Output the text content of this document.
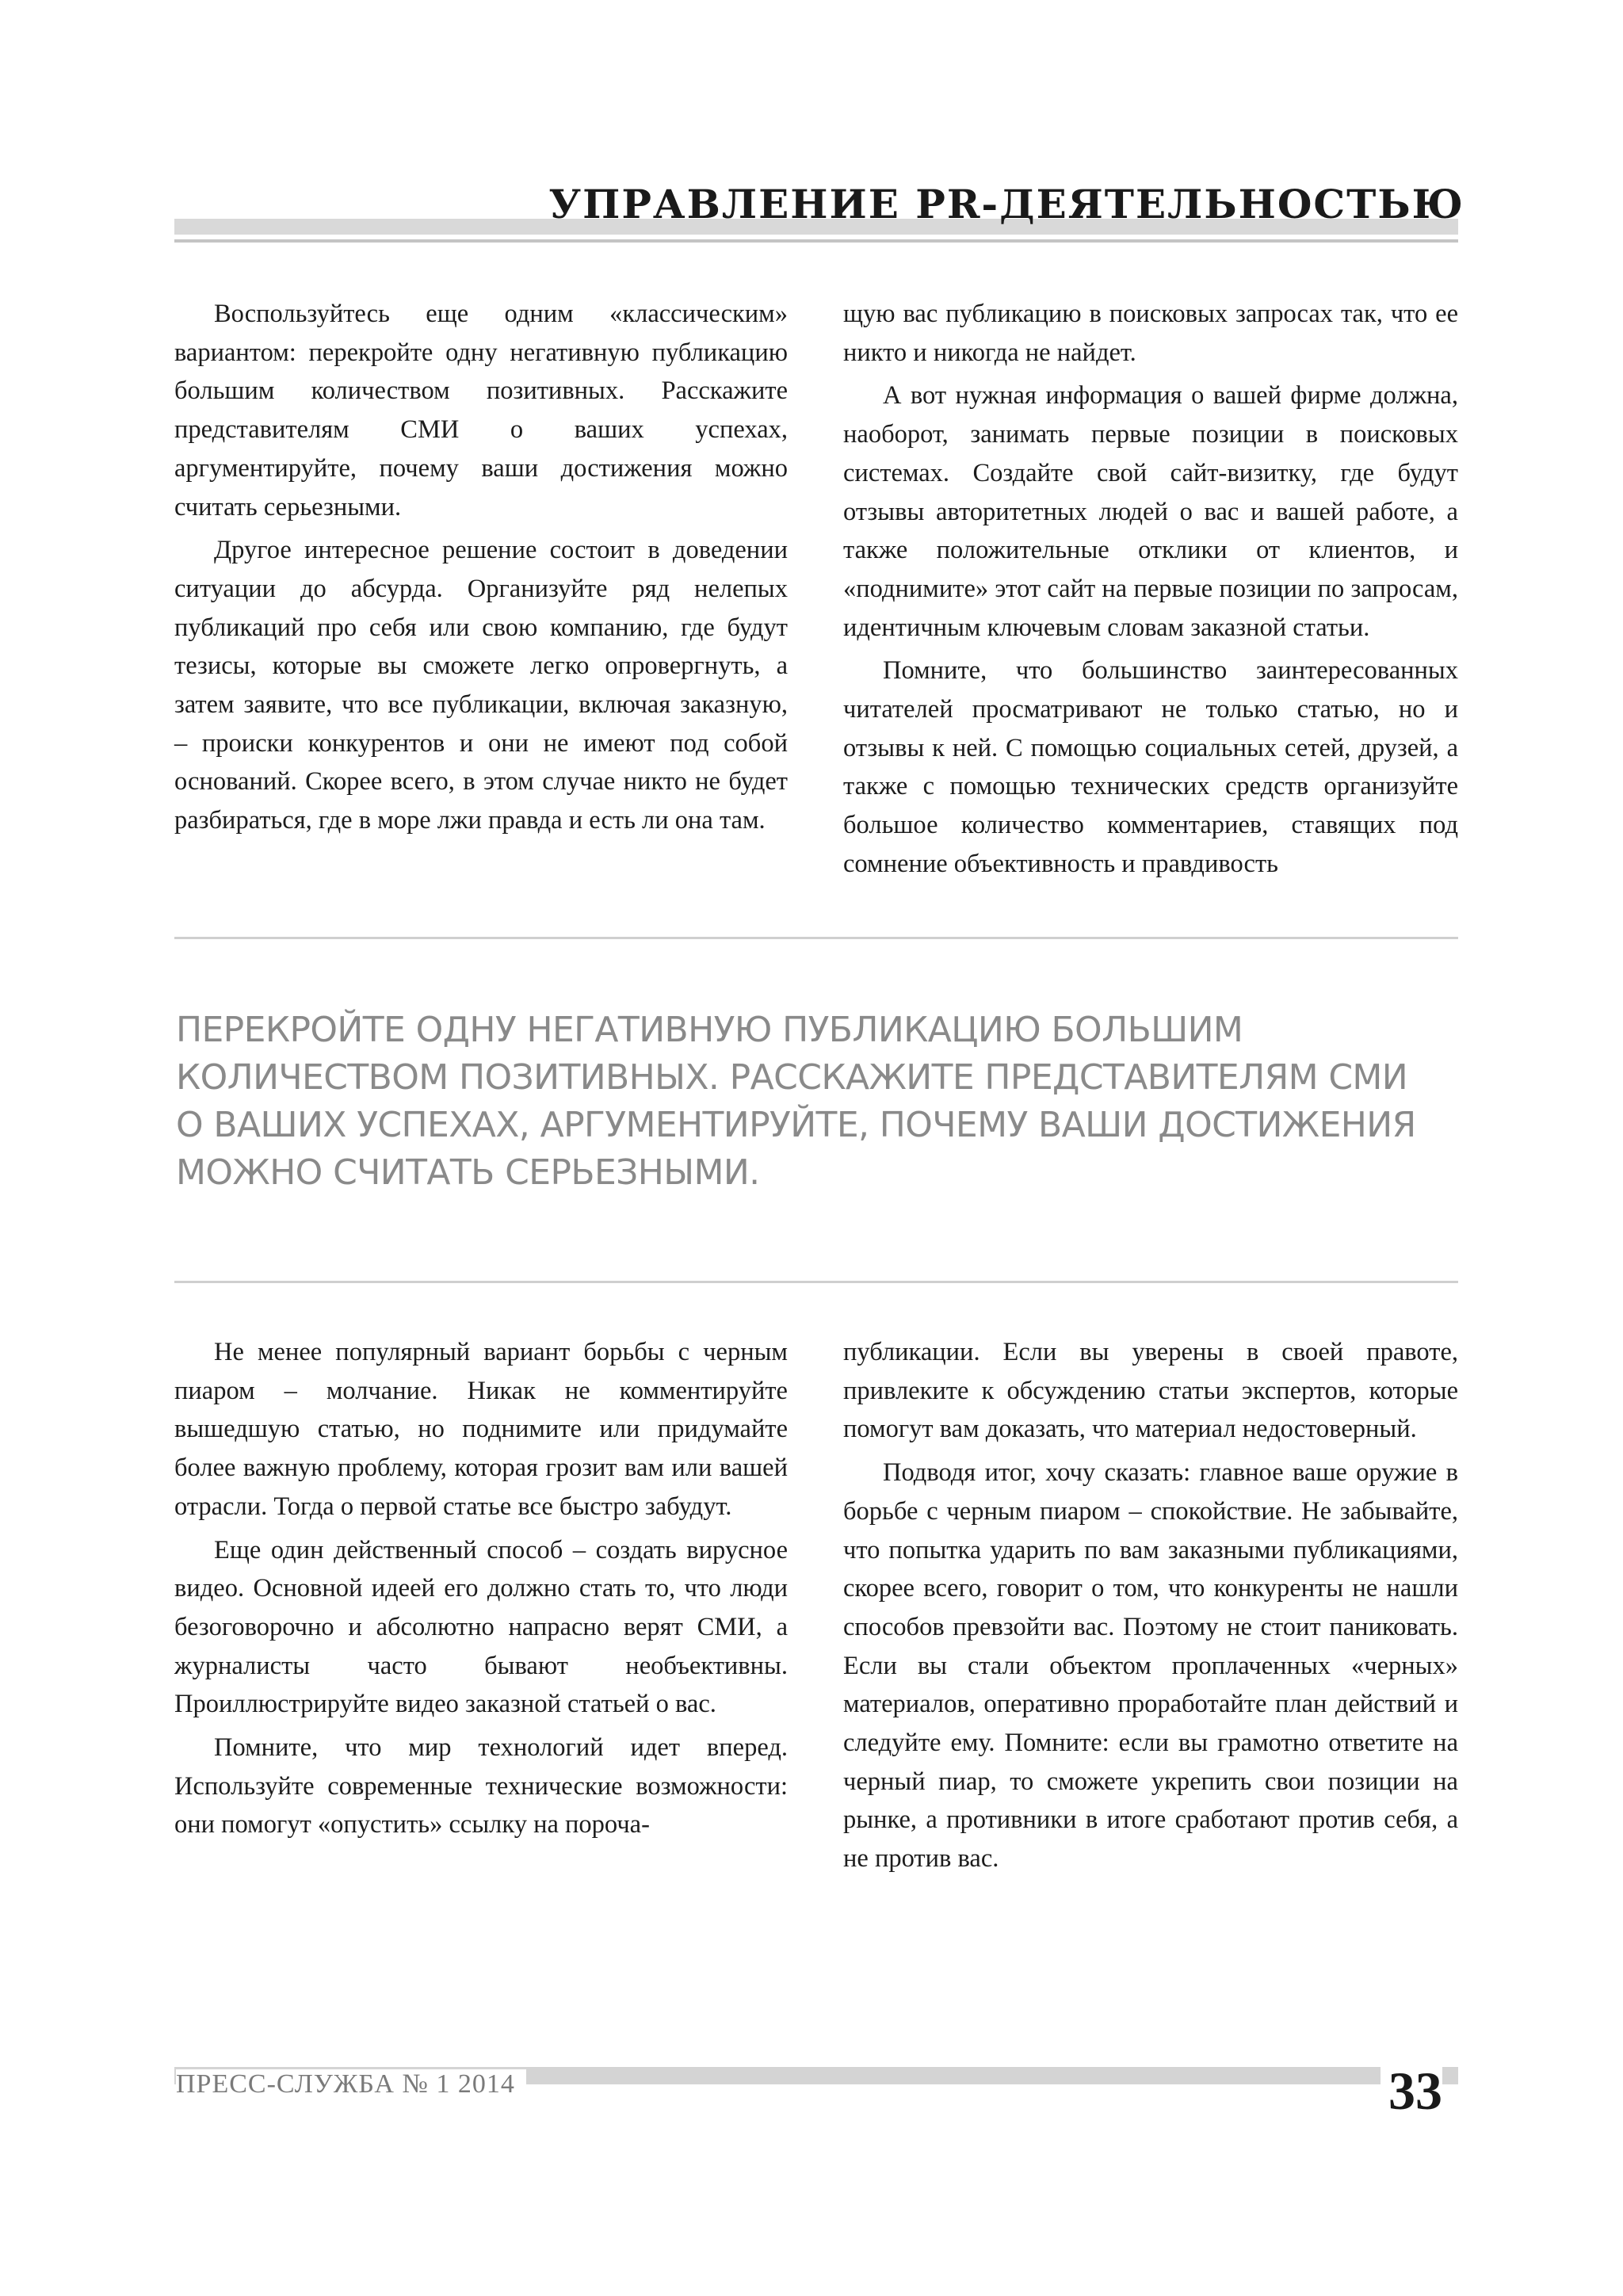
УПРАВЛЕНИЕ PR-ДЕЯТЕЛЬНОСТЬЮ

Воспользуйтесь еще одним «классическим» вариантом: перекройте одну негативную публикацию большим количеством позитивных. Расскажите представителям СМИ о ваших успехах, аргументируйте, почему ваши достижения можно считать серьезными.

Другое интересное решение состоит в доведении ситуации до абсурда. Организуйте ряд нелепых публикаций про себя или свою компанию, где будут тезисы, которые вы сможете легко опровергнуть, а затем заявите, что все публикации, включая заказную, – происки конкурентов и они не имеют под собой оснований. Скорее всего, в этом случае никто не будет разбираться, где в море лжи правда и есть ли она там.

щую вас публикацию в поисковых запросах так, что ее никто и никогда не найдет.

А вот нужная информация о вашей фирме должна, наоборот, занимать первые позиции в поисковых системах. Создайте свой сайт-визитку, где будут отзывы авторитетных людей о вас и вашей работе, а также положительные отклики от клиентов, и «поднимите» этот сайт на первые позиции по запросам, идентичным ключевым словам заказной статьи.

Помните, что большинство заинтересованных читателей просматривают не только статью, но и отзывы к ней. С помощью социальных сетей, друзей, а также с помощью технических средств организуйте большое количество комментариев, ставящих под сомнение объективность и правдивость

ПЕРЕКРОЙТЕ ОДНУ НЕГАТИВНУЮ ПУБЛИКАЦИЮ БОЛЬШИМ
КОЛИЧЕСТВОМ ПОЗИТИВНЫХ. РАССКАЖИТЕ ПРЕДСТАВИТЕЛЯМ СМИ
О ВАШИХ УСПЕХАХ, АРГУМЕНТИРУЙТЕ, ПОЧЕМУ ВАШИ ДОСТИЖЕНИЯ
МОЖНО СЧИТАТЬ СЕРЬЕЗНЫМИ.

Не менее популярный вариант борьбы с черным пиаром – молчание. Никак не комментируйте вышедшую статью, но поднимите или придумайте более важную проблему, которая грозит вам или вашей отрасли. Тогда о первой статье все быстро забудут.

Еще один действенный способ – создать вирусное видео. Основной идеей его должно стать то, что люди безоговорочно и абсолютно напрасно верят СМИ, а журналисты часто бывают необъективны. Проиллюстрируйте видео заказной статьей о вас.

Помните, что мир технологий идет вперед. Используйте современные технические возможности: они помогут «опустить» ссылку на пороча-

публикации. Если вы уверены в своей правоте, привлеките к обсуждению статьи экспертов, которые помогут вам доказать, что материал недостоверный.

Подводя итог, хочу сказать: главное ваше оружие в борьбе с черным пиаром – спокойствие. Не забывайте, что попытка ударить по вам заказными публикациями, скорее всего, говорит о том, что конкуренты не нашли способов превзойти вас. Поэтому не стоит паниковать. Если вы стали объектом проплаченных «черных» материалов, оперативно проработайте план действий и следуйте ему. Помните: если вы грамотно ответите на черный пиар, то сможете укрепить свои позиции на рынке, а противники в итоге сработают против себя, а не против вас.

ПРЕСС-СЛУЖБА № 1 2014	33
